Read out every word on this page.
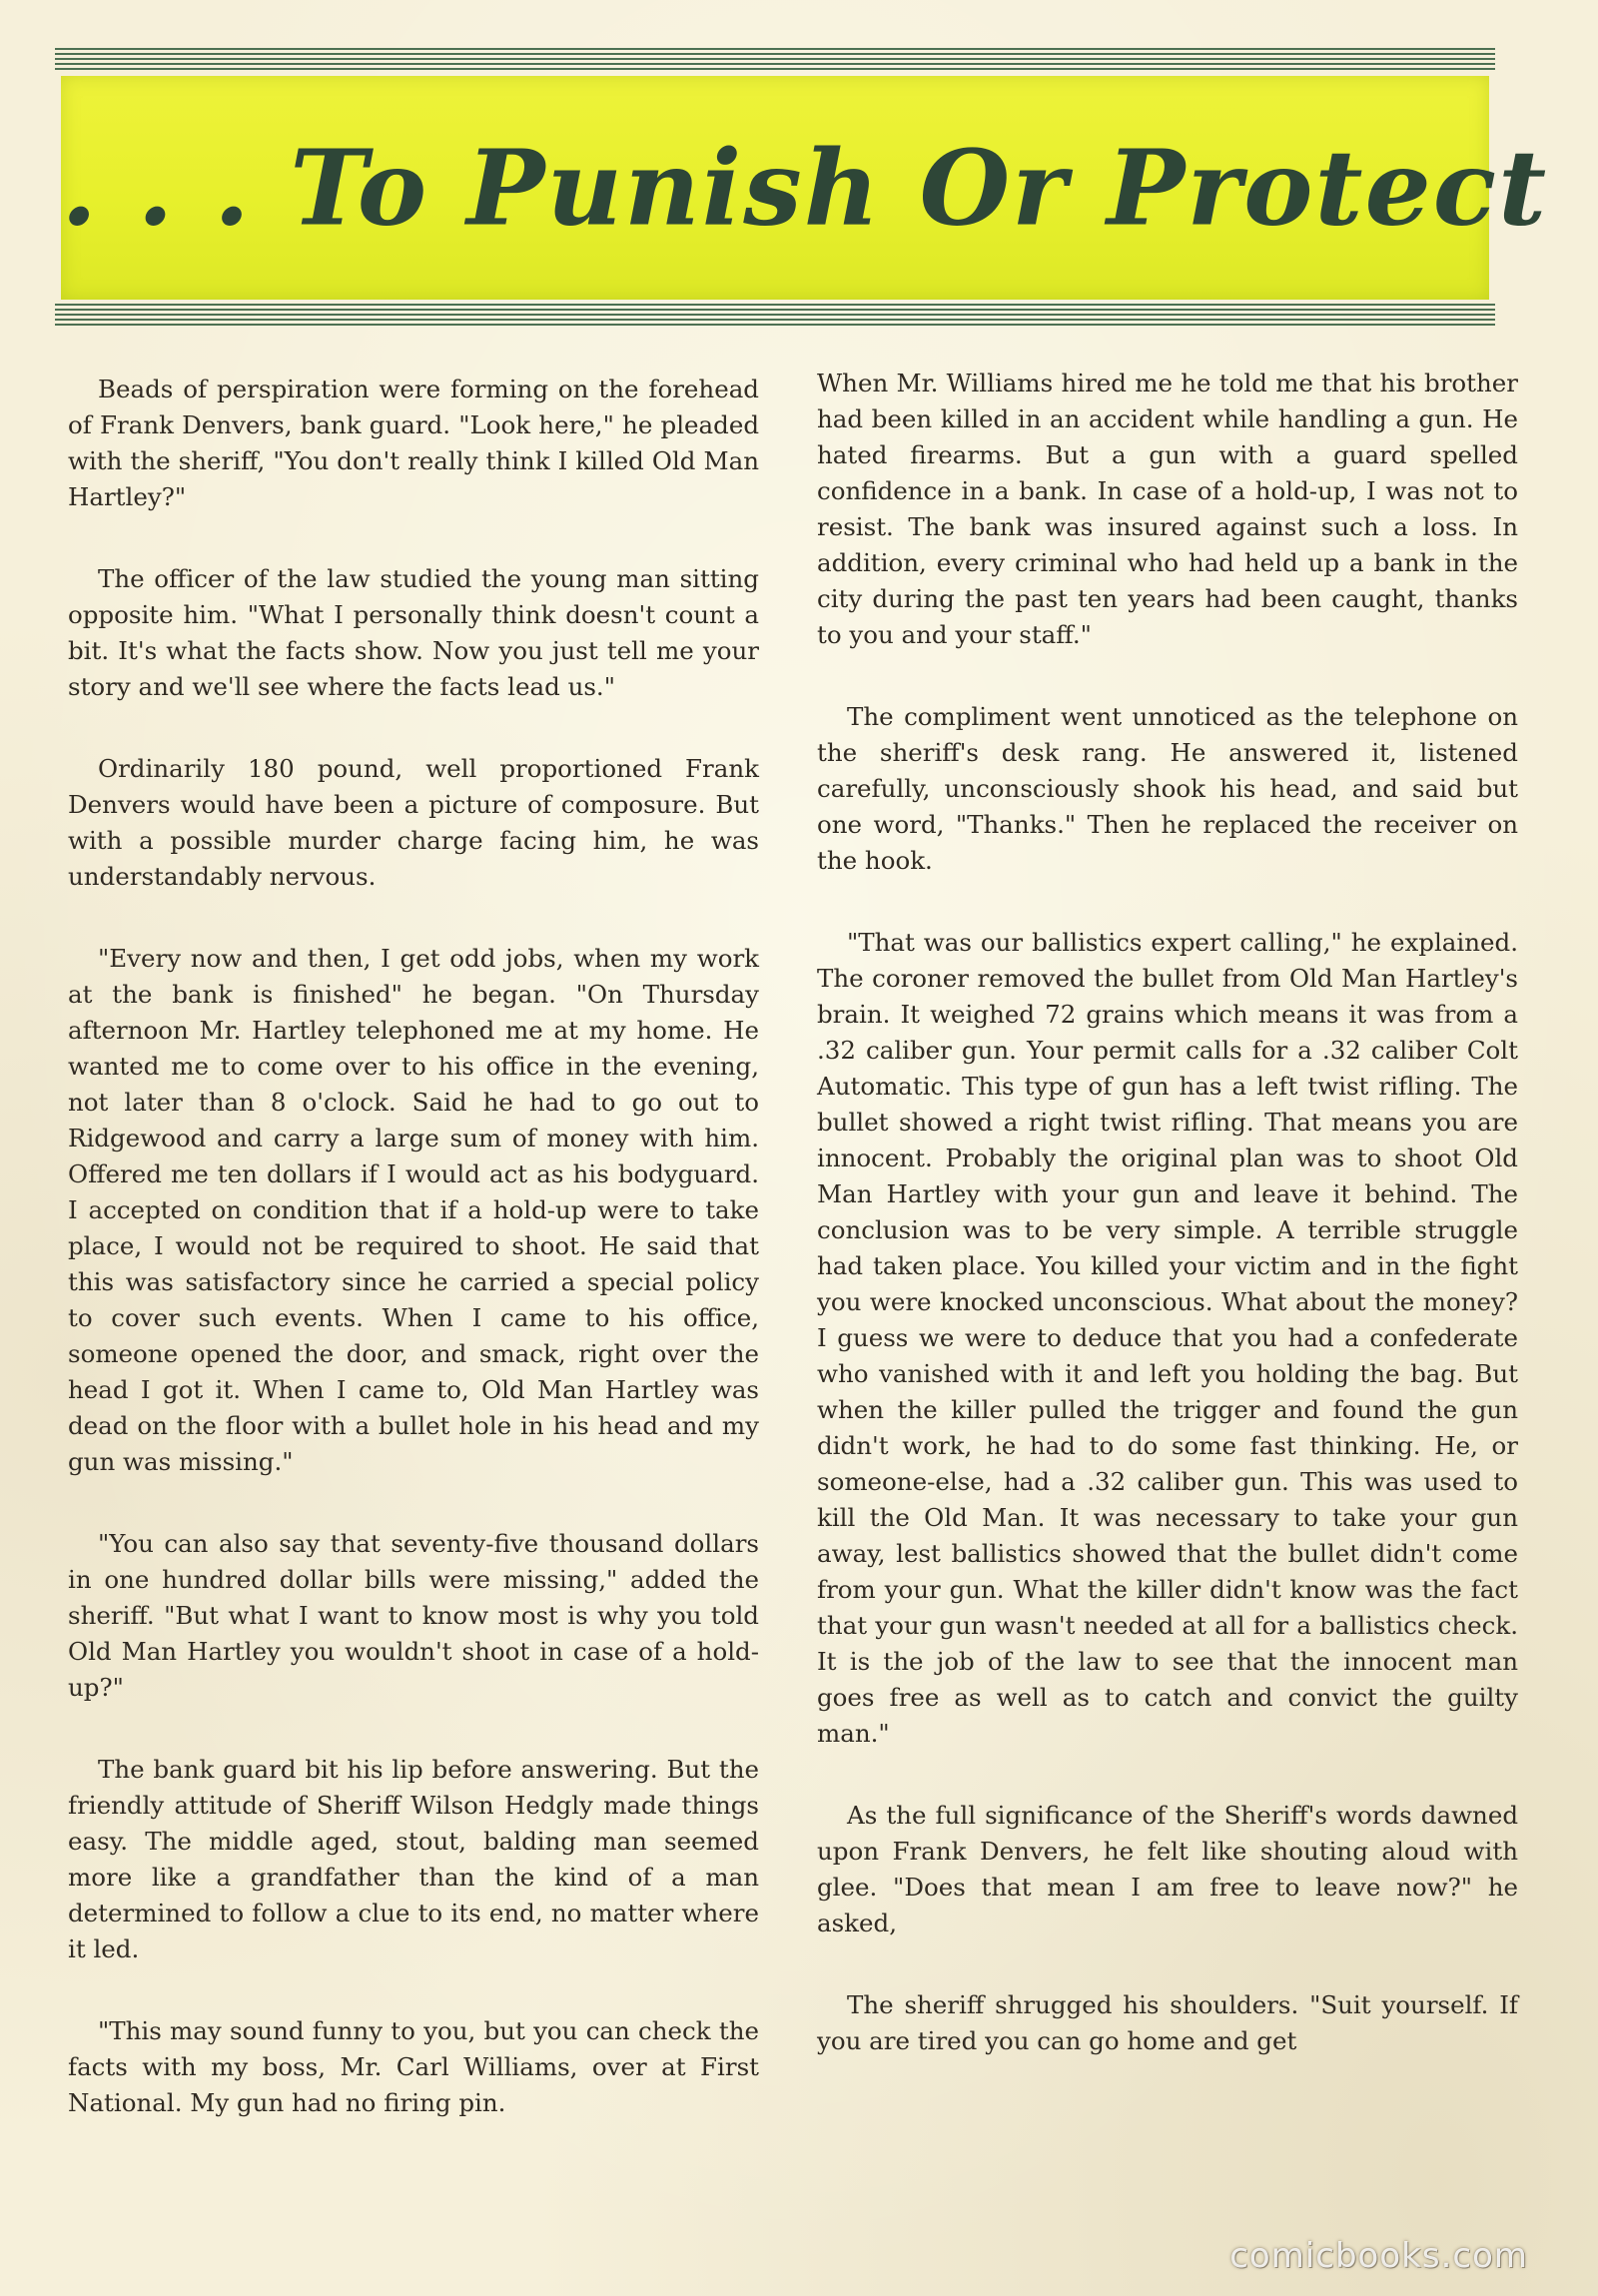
. . . To Punish Or Protect

Beads of perspiration were forming on the forehead of Frank Denvers, bank guard. "Look here," he pleaded with the sheriff, "You don't really think I killed Old Man Hartley?"

The officer of the law studied the young man sitting opposite him. "What I personally think doesn't count a bit. It's what the facts show. Now you just tell me your story and we'll see where the facts lead us."

Ordinarily 180 pound, well proportioned Frank Denvers would have been a picture of composure. But with a possible murder charge facing him, he was understandably nervous.

"Every now and then, I get odd jobs, when my work at the bank is finished" he began. "On Thursday afternoon Mr. Hartley telephoned me at my home. He wanted me to come over to his office in the evening, not later than 8 o'clock. Said he had to go out to Ridgewood and carry a large sum of money with him. Offered me ten dollars if I would act as his bodyguard. I accepted on condition that if a hold-up were to take place, I would not be required to shoot. He said that this was satisfactory since he carried a special policy to cover such events. When I came to his office, someone opened the door, and smack, right over the head I got it. When I came to, Old Man Hartley was dead on the floor with a bullet hole in his head and my gun was missing."

"You can also say that seventy-five thousand dollars in one hundred dollar bills were missing," added the sheriff. "But what I want to know most is why you told Old Man Hartley you wouldn't shoot in case of a hold-up?"

The bank guard bit his lip before answering. But the friendly attitude of Sheriff Wilson Hedgly made things easy. The middle aged, stout, balding man seemed more like a grandfather than the kind of a man determined to follow a clue to its end, no matter where it led.

"This may sound funny to you, but you can check the facts with my boss, Mr. Carl Williams, over at First National. My gun had no firing pin.

When Mr. Williams hired me he told me that his brother had been killed in an accident while handling a gun. He hated firearms. But a gun with a guard spelled confidence in a bank. In case of a hold-up, I was not to resist. The bank was insured against such a loss. In addition, every criminal who had held up a bank in the city during the past ten years had been caught, thanks to you and your staff."

The compliment went unnoticed as the telephone on the sheriff's desk rang. He answered it, listened carefully, unconsciously shook his head, and said but one word, "Thanks." Then he replaced the receiver on the hook.

"That was our ballistics expert calling," he explained. The coroner removed the bullet from Old Man Hartley's brain. It weighed 72 grains which means it was from a .32 caliber gun. Your permit calls for a .32 caliber Colt Automatic. This type of gun has a left twist rifling. The bullet showed a right twist rifling. That means you are innocent. Probably the original plan was to shoot Old Man Hartley with your gun and leave it behind. The conclusion was to be very simple. A terrible struggle had taken place. You killed your victim and in the fight you were knocked unconscious. What about the money? I guess we were to deduce that you had a confederate who vanished with it and left you holding the bag. But when the killer pulled the trigger and found the gun didn't work, he had to do some fast thinking. He, or someone-else, had a .32 caliber gun. This was used to kill the Old Man. It was necessary to take your gun away, lest ballistics showed that the bullet didn't come from your gun. What the killer didn't know was the fact that your gun wasn't needed at all for a ballistics check. It is the job of the law to see that the innocent man goes free as well as to catch and convict the guilty man."

As the full significance of the Sheriff's words dawned upon Frank Denvers, he felt like shouting aloud with glee. "Does that mean I am free to leave now?" he asked,

The sheriff shrugged his shoulders. "Suit yourself. If you are tired you can go home and get

comicbooks.com
